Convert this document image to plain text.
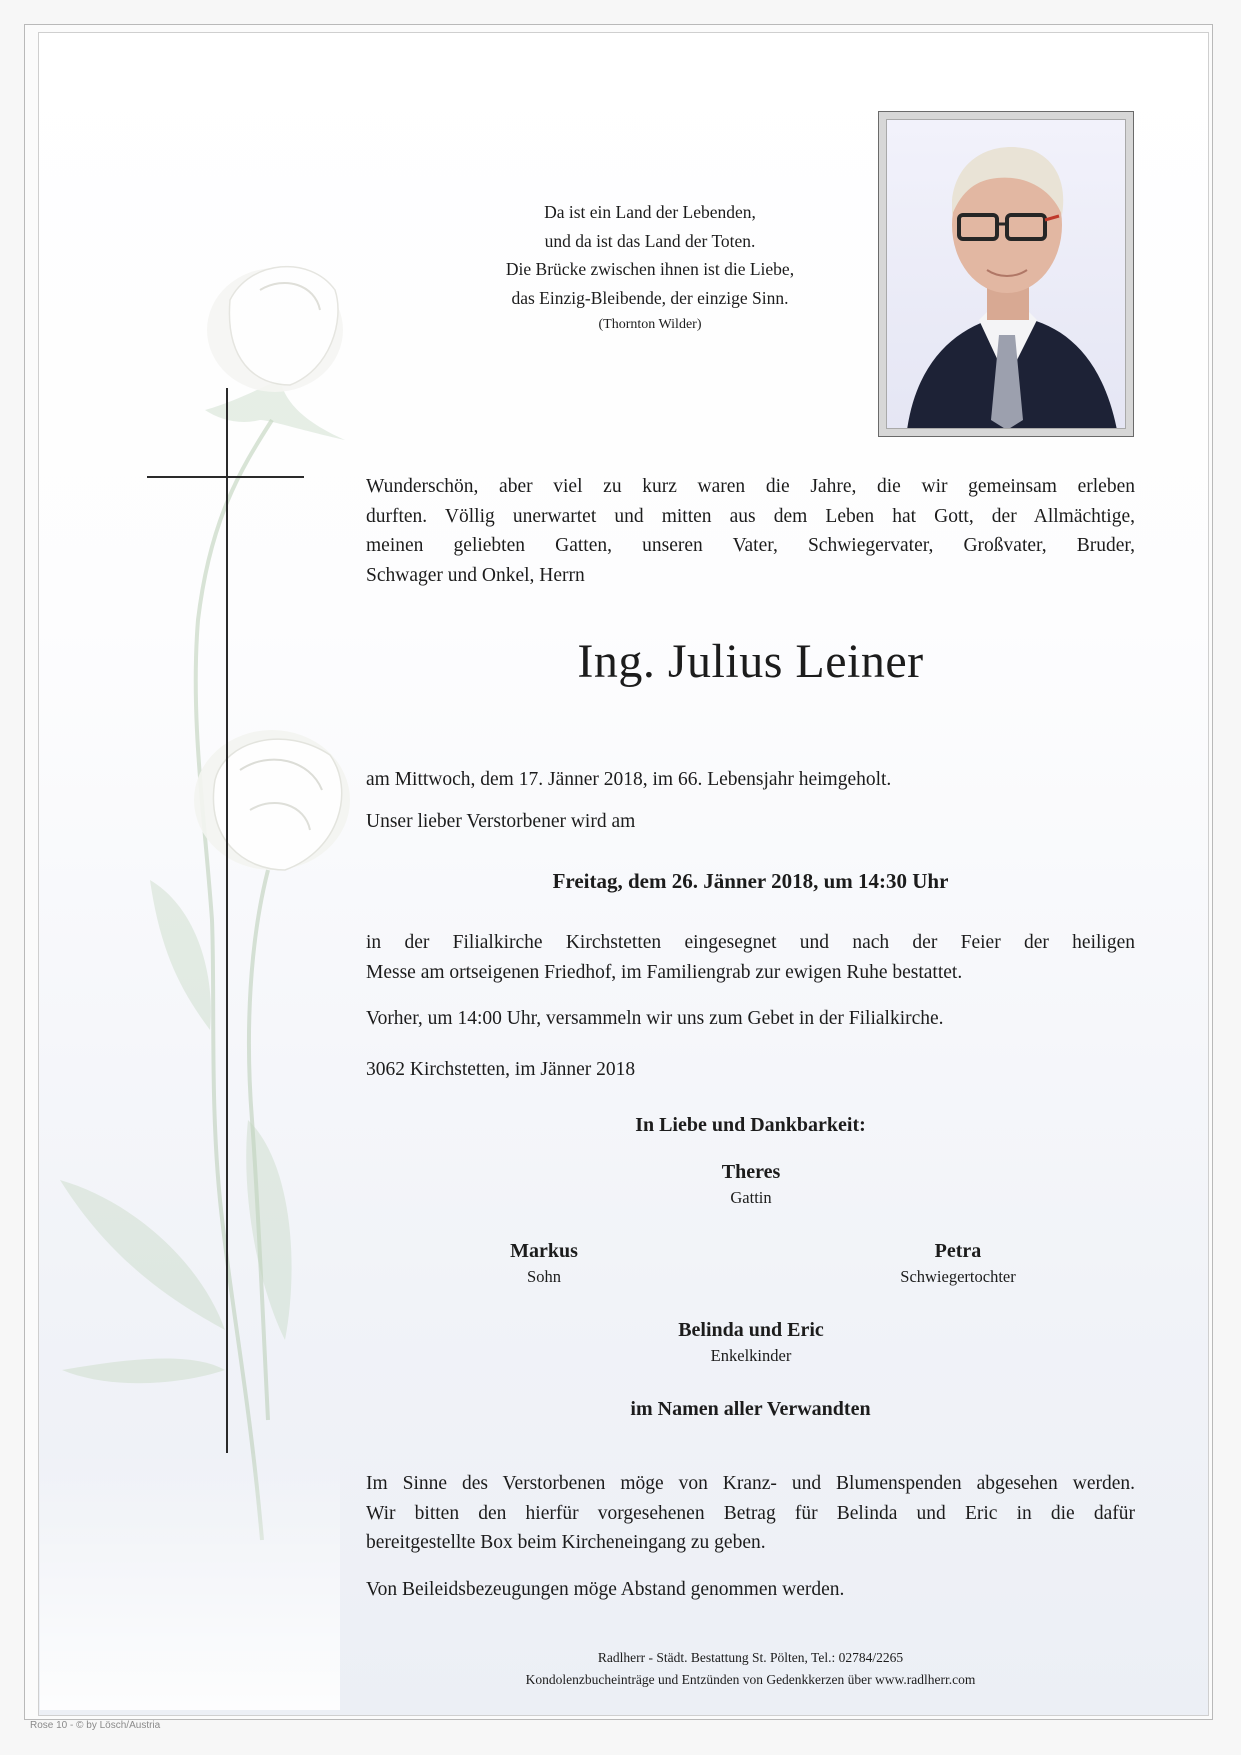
Da ist ein Land der Lebenden,
und da ist das Land der Toten.
Die Brücke zwischen ihnen ist die Liebe,
das Einzig-Bleibende, der einzige Sinn.
(Thornton Wilder)
Wunderschön, aber viel zu kurz waren die Jahre, die wir gemeinsam erleben
durften. Völlig unerwartet und mitten aus dem Leben hat Gott, der Allmächtige,
meinen geliebten Gatten, unseren Vater, Schwiegervater, Großvater, Bruder,
Schwager und Onkel, Herrn
Ing. Julius Leiner
am Mittwoch, dem 17. Jänner 2018, im 66. Lebensjahr heimgeholt.
Unser lieber Verstorbener wird am
Freitag, dem 26. Jänner 2018, um 14:30 Uhr
in der Filialkirche Kirchstetten eingesegnet und nach der Feier der heiligen
Messe am ortseigenen Friedhof, im Familiengrab zur ewigen Ruhe bestattet.
Vorher, um 14:00 Uhr, versammeln wir uns zum Gebet in der Filialkirche.
3062 Kirchstetten, im Jänner 2018
In Liebe und Dankbarkeit:
Theres
Gattin
Markus
Sohn
Petra
Schwiegertochter
Belinda und Eric
Enkelkinder
im Namen aller Verwandten
Im Sinne des Verstorbenen möge von Kranz- und Blumenspenden abgesehen werden.
Wir bitten den hierfür vorgesehenen Betrag für Belinda und Eric in die dafür
bereitgestellte Box beim Kircheneingang zu geben.
Von Beileidsbezeugungen möge Abstand genommen werden.
Radlherr - Städt. Bestattung St. Pölten, Tel.: 02784/2265
Kondolenzbucheinträge und Entzünden von Gedenkkerzen über www.radlherr.com
Rose 10 - © by Lösch/Austria
